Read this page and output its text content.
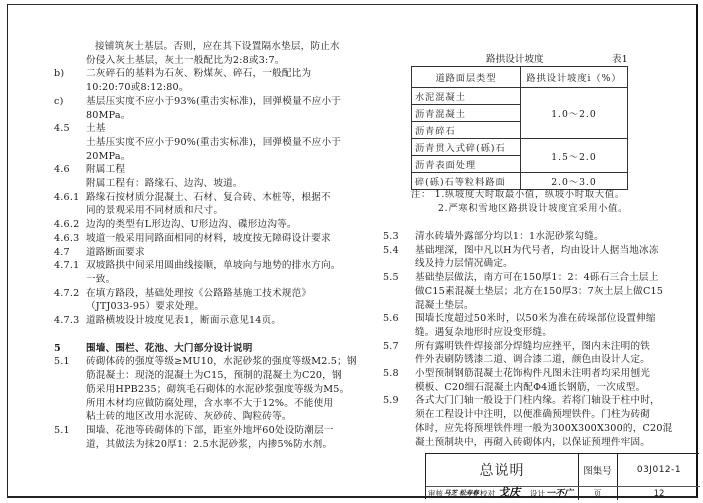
接铺筑灰土基层。否则，应在其下设置隔水垫层，防止水
份侵入灰土基层，灰土一般配比为2:8或3:7。
b)	二灰碎石的基料为石灰、粉煤灰、碎石，一般配比为
10:20:70或8:12:80。
c)	基层压实度不应小于93%(重击实标准)，回弹模量不应小于
80MPa。
4.5	土基
土基压实度不应小于90%(重击实标准)，回弹模量不应小于
20MPa。
4.6	附属工程
附属工程有：路缘石、边沟、坡道。
4.6.1 路缘石按材质分混凝土、石材、复合砖、木桩等，根据不
同的景观采用不同材质和尺寸。
4.6.2 边沟的类型有L形边沟、U形边沟、碟形边沟等。
4.6.3 坡道一般采用同路面相同的材料，坡度按无障碍设计要求
4.7	道路断面要求
4.7.1 双坡路拱中间采用圆曲线接顺，单坡向与地势的排水方向。
一致。
4.7.2 在填方路段，基础处理按《公路路基施工技术规范》
（JTJ033-95）要求处理。
4.7.3 道路横坡设计坡度见表1，断面示意见14页。
5	围墙、围栏、花池、大门部分设计说明
5.1	砖砌体砖的强度等级≥MU10，水泥砂浆的强度等级M2.5；钢
筋混凝土：现浇的混凝土为C15，预制的混凝土为C20，钢
筋采用HPB235；砌筑毛石砌体的水泥砂浆强度等级为M5。
所用木材均应做防腐处理，含水率不大于12%。不能使用
粘土砖的地区改用水泥砖、灰砂砖、陶粒砖等。
5.1	围墙、花池等砖砌体的下部，距室外地坪60处设防潮层一
道，其做法为抹20厚1：2.5水泥砂浆，内掺5%防水剂。
路拱设计坡度	表1
道路面层类型	路拱设计坡度i（%）
水泥混凝土	1.0～2.0
沥青混凝土	
沥青碎石	
沥青贯入式碎(砾)石	1.5～2.0
沥青表面处理	
碎(砾)石等粒料路面	2.0～3.0
注： 1.纵坡度大时取最小值，纵坡小时取大值。
2.严寒积雪地区路拱设计坡度宜采用小值。
5.3	清水砖墙外露部分均以1：1水泥砂浆勾缝。
5.4	基础埋深，图中凡以H为代号者，均由设计人据当地冰冻
线及持力层情况确定。
5.5	基础垫层做法，南方可在150厚1：2：4砾石三合土层上
做C15素混凝土垫层；北方在150厚3：7灰土层上做C15
混凝土垫层。
5.6	围墙长度超过50米时，以50米为准在砖垛部位设置伸缩
缝。遇复杂地形时应设变形缝。
5.7	所有露明铁件焊接部分焊缝均应挫平，图内未注明的铁
件外表刷防锈漆二道、调合漆二道，颜色由设计人定。
5.8	小型预制钢筋混凝土花饰构件凡图未注明者均采用刨光
模板、C20细石混凝土内配Φ4通长钢筋，一次成型。
5.9	各式大门门轴一般设于门柱内缘。若将门轴设于柱中时，
须在工程设计中注明，以便准确预埋铁件。门柱为砖砌
体时，应先将预埋铁件埋一般为300X300X300的，C20混
凝土预制块中，再砌入砖砌体内，以保证预埋件牢固。
总说明	图集号	03J012-1
页	12
审核 马芝 松寿春 校对 戈庆 设计 一不广
